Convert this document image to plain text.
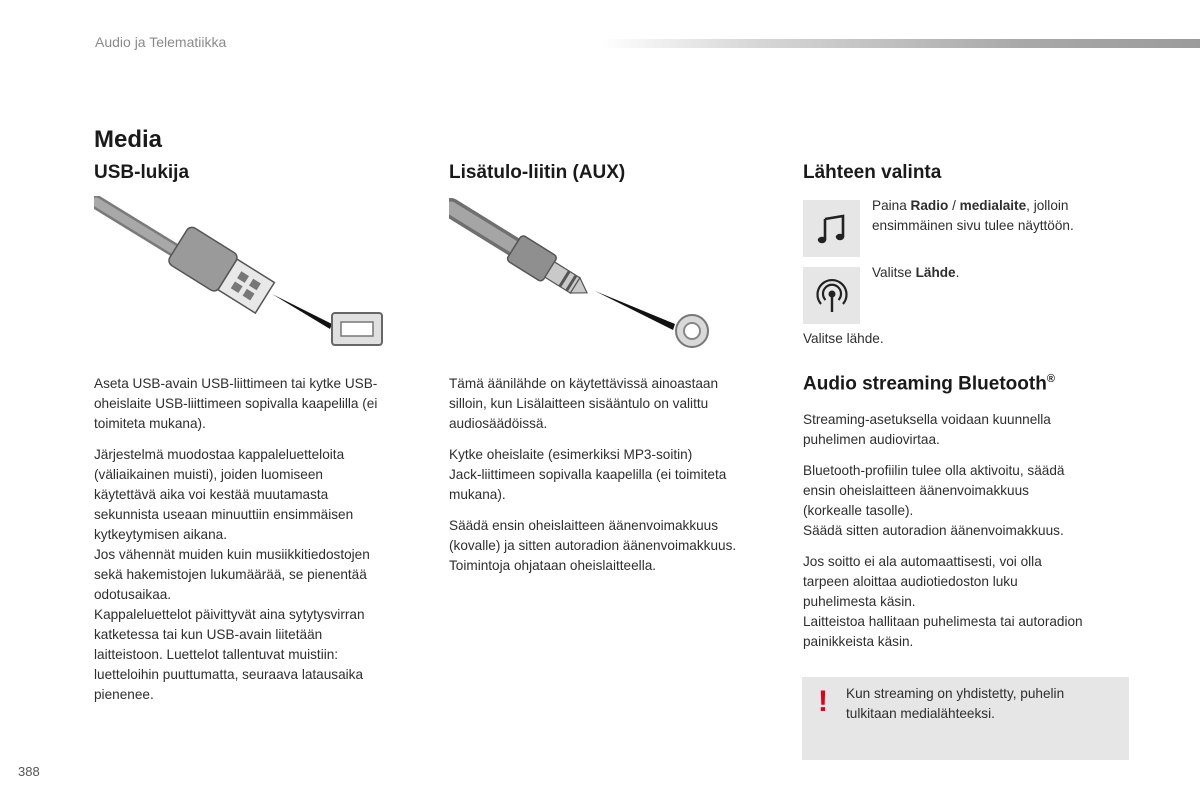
Audio ja Telematiikka
Media
USB-lukija

Aseta USB-avain USB-liittimeen tai kytke USB-
oheislaite USB-liittimeen sopivalla kaapelilla (ei
toimiteta mukana).

Järjestelmä muodostaa kappaleluetteloita
(väliaikainen muisti), joiden luomiseen
käytettävä aika voi kestää muutamasta
sekunnista useaan minuuttiin ensimmäisen
kytkeytymisen aikana.
Jos vähennät muiden kuin musiikkitiedostojen
sekä hakemistojen lukumäärää, se pienentää
odotusaikaa.
Kappaleluettelot päivittyvät aina sytytysvirran
katketessa tai kun USB-avain liitetään
laitteistoon. Luettelot tallentuvat muistiin:
luetteloihin puuttumatta, seuraava latausaika
pienenee.

Lisätulo-liitin (AUX)

Tämä äänilähde on käytettävissä ainoastaan
silloin, kun Lisälaitteen sisääntulo on valittu
audiosäädöissä.

Kytke oheislaite (esimerkiksi MP3-soitin)
Jack-liittimeen sopivalla kaapelilla (ei toimiteta
mukana).

Säädä ensin oheislaitteen äänenvoimakkuus
(kovalle) ja sitten autoradion äänenvoimakkuus.
Toimintoja ohjataan oheislaitteella.

Lähteen valinta
Paina Radio / medialaite, jolloin
ensimmäinen sivu tulee näyttöön.
Valitse Lähde.
Valitse lähde.
Audio streaming Bluetooth®

Streaming-asetuksella voidaan kuunnella
puhelimen audiovirtaa.

Bluetooth-profiilin tulee olla aktivoitu, säädä
ensin oheislaitteen äänenvoimakkuus
(korkealle tasolle).
Säädä sitten autoradion äänenvoimakkuus.

Jos soitto ei ala automaattisesti, voi olla
tarpeen aloittaa audiotiedoston luku
puhelimesta käsin.
Laitteistoa hallitaan puhelimesta tai autoradion
painikkeista käsin.

! Kun streaming on yhdistetty, puhelin
tulkitaan medialähteeksi.
388
